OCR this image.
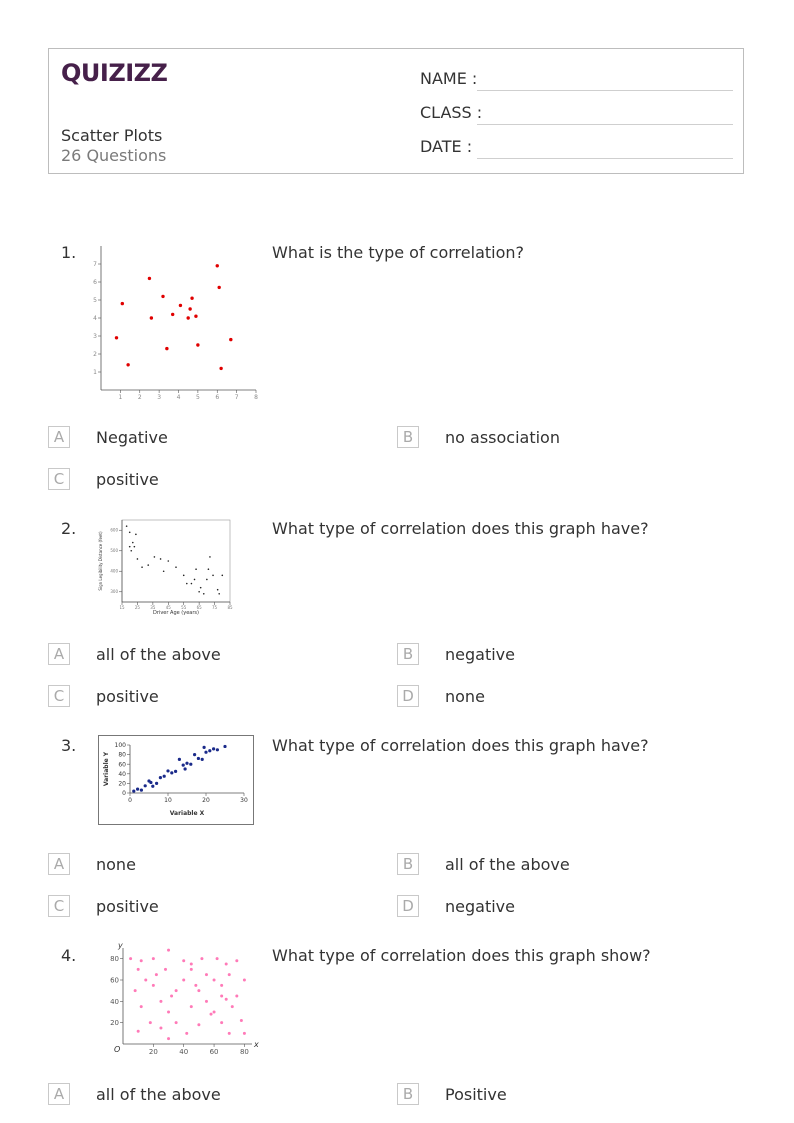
QUIZIZZ
Scatter Plots
26 Questions
NAME :
CLASS :
DATE :
1.
1	2	3	4	5	6	7	8
1
2
3
4
5
6
7
What is the type of correlation?
A	Negative	B	no association
C	positive
2.
15	25	35	45	55	65	75	85
300
400
500
600
Driver Age (years)
Sign Legibility Distance (feet)
What type of correlation does this graph have?
A	all of the above	B	negative
C	positive	D	none
3.
0	10	20	30
0
20
40
60
80
100
Variable X
Variable Y
What type of correlation does this graph have?
A	none	B	all of the above
C	positive	D	negative
4.
20	40	60	80
20
40
60
80
O
x
y
What type of correlation does this graph show?
A	all of the above	B	Positive
